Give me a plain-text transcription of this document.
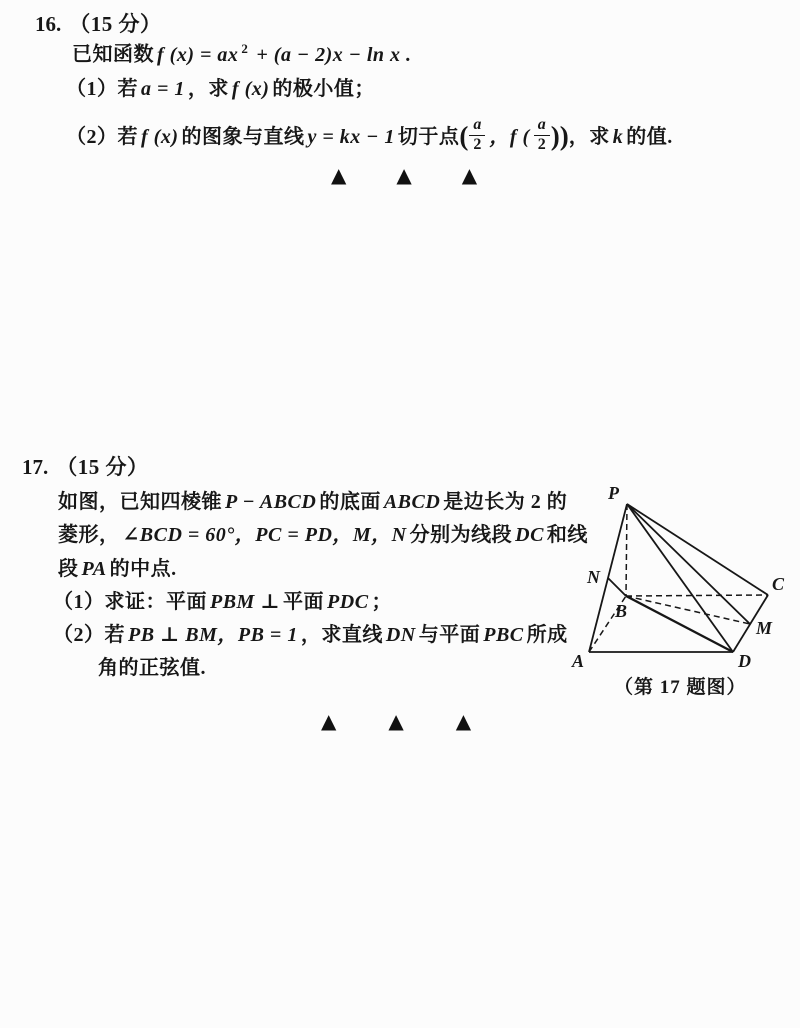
16. （15 分）
已知函数 f (x) = ax $^2$ + (a − 2)x − ln x .
（1）若 a = 1 ，求 f (x) 的极小值；
（2）若 f (x) 的图象与直线 y = kx − 1 切于点( $\frac{a}{2}$ ，f ( $\frac{a}{2}$ ))，求 k 的值.
▲	▲	▲
17. （15 分）
如图，已知四棱锥 P − ABCD 的底面 ABCD 是边长为 2 的
菱形， ∠BCD = 60°，PC = PD，M，N 分别为线段 DC 和线
段 PA 的中点.
（1）求证：平面 PBM ⊥ 平面 PDC ；
（2）若 PB ⊥ BM，PB = 1 ，求直线 DN 与平面 PBC 所成
角的正弦值.
P
N
A
B
C
M
D
（第 17 题图）
▲	▲	▲
